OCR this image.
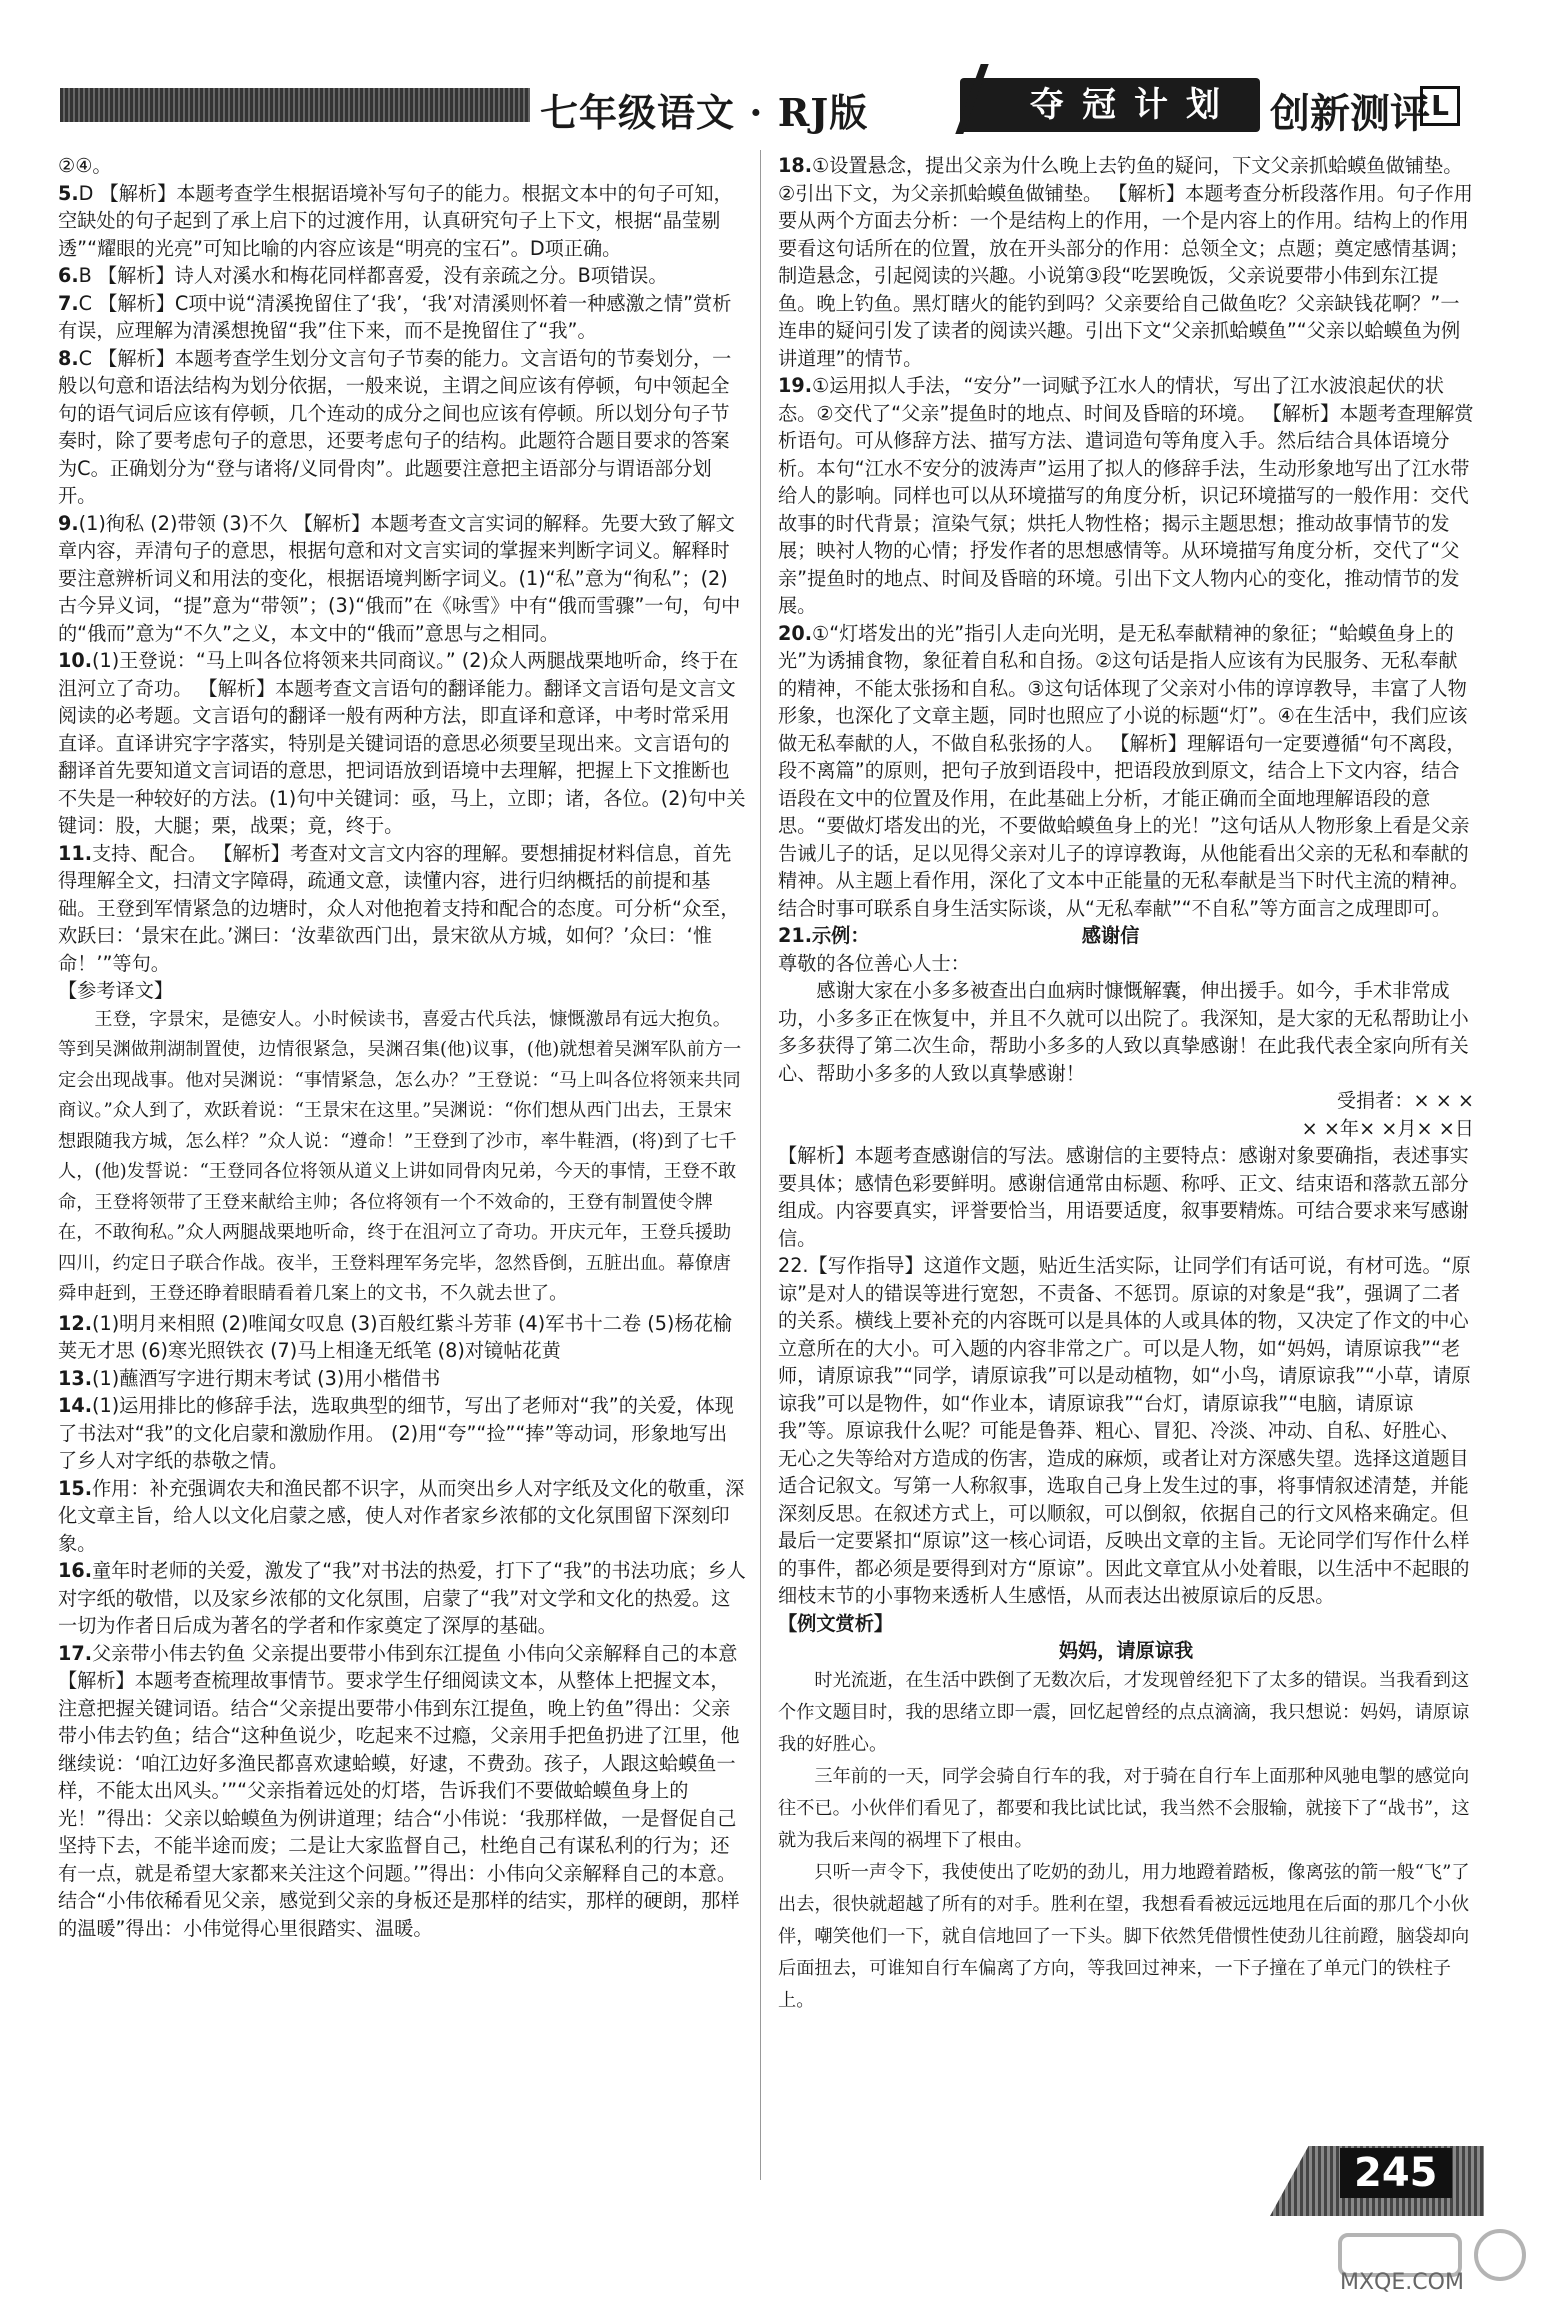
七年级语文 · RJ版	夺冠计划 创新测评 L

②④。

5.D 【解析】本题考查学生根据语境补写句子的能力。根据文本中的句子可知，空缺处的句子起到了承上启下的过渡作用，认真研究句子上下文，根据“晶莹剔透”“耀眼的光亮”可知比喻的内容应该是“明亮的宝石”。D项正确。

6.B 【解析】诗人对溪水和梅花同样都喜爱，没有亲疏之分。B项错误。

7.C 【解析】C项中说“清溪挽留住了‘我’，‘我’对清溪则怀着一种感激之情”赏析有误，应理解为清溪想挽留“我”住下来，而不是挽留住了“我”。

8.C 【解析】本题考查学生划分文言句子节奏的能力。文言语句的节奏划分，一般以句意和语法结构为划分依据，一般来说，主谓之间应该有停顿，句中领起全句的语气词后应该有停顿，几个连动的成分之间也应该有停顿。所以划分句子节奏时，除了要考虑句子的意思，还要考虑句子的结构。此题符合题目要求的答案为C。正确划分为“登与诸将/义同骨肉”。此题要注意把主语部分与谓语部分划开。

9.(1)徇私 (2)带领 (3)不久 【解析】本题考查文言实词的解释。先要大致了解文章内容，弄清句子的意思，根据句意和对文言实词的掌握来判断字词义。解释时要注意辨析词义和用法的变化，根据语境判断字词义。(1)“私”意为“徇私”；(2)古今异义词，“提”意为“带领”；(3)“俄而”在《咏雪》中有“俄而雪骤”一句，句中的“俄而”意为“不久”之义，本文中的“俄而”意思与之相同。

10.(1)王登说：“马上叫各位将领来共同商议。” (2)众人两腿战栗地听命，终于在沮河立了奇功。 【解析】本题考查文言语句的翻译能力。翻译文言语句是文言文阅读的必考题。文言语句的翻译一般有两种方法，即直译和意译，中考时常采用直译。直译讲究字字落实，特别是关键词语的意思必须要呈现出来。文言语句的翻译首先要知道文言词语的意思，把词语放到语境中去理解，把握上下文推断也不失是一种较好的方法。(1)句中关键词：亟，马上，立即；诸，各位。(2)句中关键词：股，大腿；栗，战栗；竟，终于。

11.支持、配合。 【解析】考查对文言文内容的理解。要想捕捉材料信息，首先得理解全文，扫清文字障碍，疏通文意，读懂内容，进行归纳概括的前提和基础。王登到军情紧急的边塘时，众人对他抱着支持和配合的态度。可分析“众至，欢跃曰：‘景宋在此。’渊曰：‘汝辈欲西门出，景宋欲从方城，如何？’众曰：‘惟命！’”等句。

【参考译文】

王登，字景宋，是德安人。小时候读书，喜爱古代兵法，慷慨激昂有远大抱负。等到吴渊做荆湖制置使，边情很紧急，吴渊召集(他)议事，(他)就想着吴渊军队前方一定会出现战事。他对吴渊说：“事情紧急，怎么办？”王登说：“马上叫各位将领来共同商议。”众人到了，欢跃着说：“王景宋在这里。”吴渊说：“你们想从西门出去，王景宋想跟随我方城，怎么样？”众人说：“遵命！”王登到了沙市，率牛鞋酒，(将)到了七千人，(他)发誓说：“王登同各位将领从道义上讲如同骨肉兄弟，今天的事情，王登不敢命，王登将领带了王登来献给主帅；各位将领有一个不效命的，王登有制置使令牌在，不敢徇私。”众人两腿战栗地听命，终于在沮河立了奇功。开庆元年，王登兵援助四川，约定日子联合作战。夜半，王登料理军务完毕，忽然昏倒，五脏出血。幕僚唐舜申赶到，王登还睁着眼睛看着几案上的文书，不久就去世了。

12.(1)明月来相照 (2)唯闻女叹息 (3)百般红紫斗芳菲 (4)军书十二卷 (5)杨花榆荚无才思 (6)寒光照铁衣 (7)马上相逢无纸笔 (8)对镜帖花黄

13.(1)蘸酒写字进行期末考试 (3)用小楷借书

14.(1)运用排比的修辞手法，选取典型的细节，写出了老师对“我”的关爱，体现了书法对“我”的文化启蒙和激励作用。 (2)用“夸”“捡”“捧”等动词，形象地写出了乡人对字纸的恭敬之情。

15.作用：补充强调农夫和渔民都不识字，从而突出乡人对字纸及文化的敬重，深化文章主旨，给人以文化启蒙之感，使人对作者家乡浓郁的文化氛围留下深刻印象。

16.童年时老师的关爱，激发了“我”对书法的热爱，打下了“我”的书法功底；乡人对字纸的敬惜，以及家乡浓郁的文化氛围，启蒙了“我”对文学和文化的热爱。这一切为作者日后成为著名的学者和作家奠定了深厚的基础。

17.父亲带小伟去钓鱼 父亲提出要带小伟到东江提鱼 小伟向父亲解释自己的本意 【解析】本题考查梳理故事情节。要求学生仔细阅读文本，从整体上把握文本，注意把握关键词语。结合“父亲提出要带小伟到东江提鱼，晚上钓鱼”得出：父亲带小伟去钓鱼；结合“这种鱼说少，吃起来不过瘾，父亲用手把鱼扔进了江里，他继续说：‘咱江边好多渔民都喜欢逮蛤蟆，好逮，不费劲。孩子，人跟这蛤蟆鱼一样，不能太出风头。’”“父亲指着远处的灯塔，告诉我们不要做蛤蟆鱼身上的光！”得出：父亲以蛤蟆鱼为例讲道理；结合“小伟说：‘我那样做，一是督促自己坚持下去，不能半途而废；二是让大家监督自己，杜绝自己有谋私利的行为；还有一点，就是希望大家都来关注这个问题。’”得出：小伟向父亲解释自己的本意。结合“小伟依稀看见父亲，感觉到父亲的身板还是那样的结实，那样的硬朗，那样的温暖”得出：小伟觉得心里很踏实、温暖。

18.①设置悬念，提出父亲为什么晚上去钓鱼的疑问，下文父亲抓蛤蟆鱼做铺垫。②引出下文，为父亲抓蛤蟆鱼做铺垫。 【解析】本题考查分析段落作用。句子作用要从两个方面去分析：一个是结构上的作用，一个是内容上的作用。结构上的作用要看这句话所在的位置，放在开头部分的作用：总领全文；点题；奠定感情基调；制造悬念，引起阅读的兴趣。小说第③段“吃罢晚饭，父亲说要带小伟到东江提鱼。晚上钓鱼。黑灯瞎火的能钓到吗？父亲要给自己做鱼吃？父亲缺钱花啊？”一连串的疑问引发了读者的阅读兴趣。引出下文“父亲抓蛤蟆鱼”“父亲以蛤蟆鱼为例讲道理”的情节。

19.①运用拟人手法，“安分”一词赋予江水人的情状，写出了江水波浪起伏的状态。②交代了“父亲”提鱼时的地点、时间及昏暗的环境。 【解析】本题考查理解赏析语句。可从修辞方法、描写方法、遣词造句等角度入手。然后结合具体语境分析。本句“江水不安分的波涛声”运用了拟人的修辞手法，生动形象地写出了江水带给人的影响。同样也可以从环境描写的角度分析，识记环境描写的一般作用：交代故事的时代背景；渲染气氛；烘托人物性格；揭示主题思想；推动故事情节的发展；映衬人物的心情；抒发作者的思想感情等。从环境描写角度分析，交代了“父亲”提鱼时的地点、时间及昏暗的环境。引出下文人物内心的变化，推动情节的发展。

20.①“灯塔发出的光”指引人走向光明，是无私奉献精神的象征；“蛤蟆鱼身上的光”为诱捕食物，象征着自私和自扬。②这句话是指人应该有为民服务、无私奉献的精神，不能太张扬和自私。③这句话体现了父亲对小伟的谆谆教导，丰富了人物形象，也深化了文章主题，同时也照应了小说的标题“灯”。④在生活中，我们应该做无私奉献的人，不做自私张扬的人。 【解析】理解语句一定要遵循“句不离段，段不离篇”的原则，把句子放到语段中，把语段放到原文，结合上下文内容，结合语段在文中的位置及作用，在此基础上分析，才能正确而全面地理解语段的意思。“要做灯塔发出的光，不要做蛤蟆鱼身上的光！”这句话从人物形象上看是父亲告诫儿子的话，足以见得父亲对儿子的谆谆教诲，从他能看出父亲的无私和奉献的精神。从主题上看作用，深化了文本中正能量的无私奉献是当下时代主流的精神。结合时事可联系自身生活实际谈，从“无私奉献”“不自私”等方面言之成理即可。

21.示例：	感谢信

尊敬的各位善心人士：

感谢大家在小多多被查出白血病时慷慨解囊，伸出援手。如今，手术非常成功，小多多正在恢复中，并且不久就可以出院了。我深知，是大家的无私帮助让小多多获得了第二次生命，帮助小多多的人致以真挚感谢！在此我代表全家向所有关心、帮助小多多的人致以真挚感谢！

受捐者：× × ×

× ×年× ×月× ×日

【解析】本题考查感谢信的写法。感谢信的主要特点：感谢对象要确指，表述事实要具体；感情色彩要鲜明。感谢信通常由标题、称呼、正文、结束语和落款五部分组成。内容要真实，评誉要恰当，用语要适度，叙事要精炼。可结合要求来写感谢信。

22.【写作指导】这道作文题，贴近生活实际，让同学们有话可说，有材可选。“原谅”是对人的错误等进行宽恕，不责备、不惩罚。原谅的对象是“我”，强调了二者的关系。横线上要补充的内容既可以是具体的人或具体的物，又决定了作文的中心立意所在的大小。可入题的内容非常之广。可以是人物，如“妈妈，请原谅我”“老师，请原谅我”“同学，请原谅我”可以是动植物，如“小鸟，请原谅我”“小草，请原谅我”可以是物件，如“作业本，请原谅我”“台灯，请原谅我”“电脑，请原谅我”等。原谅我什么呢？可能是鲁莽、粗心、冒犯、冷淡、冲动、自私、好胜心、无心之失等给对方造成的伤害，造成的麻烦，或者让对方深感失望。选择这道题目适合记叙文。写第一人称叙事，选取自己身上发生过的事，将事情叙述清楚，并能深刻反思。在叙述方式上，可以顺叙，可以倒叙，依据自己的行文风格来确定。但最后一定要紧扣“原谅”这一核心词语，反映出文章的主旨。无论同学们写作什么样的事件，都必须是要得到对方“原谅”。因此文章宜从小处着眼，以生活中不起眼的细枝末节的小事物来透析人生感悟，从而表达出被原谅后的反思。

【例文赏析】

妈妈，请原谅我

时光流逝，在生活中跌倒了无数次后，才发现曾经犯下了太多的错误。当我看到这个作文题目时，我的思绪立即一震，回忆起曾经的点点滴滴，我只想说：妈妈，请原谅我的好胜心。

三年前的一天，同学会骑自行车的我，对于骑在自行车上面那种风驰电掣的感觉向往不已。小伙伴们看见了，都要和我比试比试，我当然不会服输，就接下了“战书”，这就为我后来闯的祸埋下了根由。

只听一声令下，我使使出了吃奶的劲儿，用力地蹬着踏板，像离弦的箭一般“飞”了出去，很快就超越了所有的对手。胜利在望，我想看看被远远地甩在后面的那几个小伙伴，嘲笑他们一下，就自信地回了一下头。脚下依然凭借惯性使劲儿往前蹬，脑袋却向后面扭去，可谁知自行车偏离了方向，等我回过神来，一下子撞在了单元门的铁柱子上。

245
MXQE.COM
